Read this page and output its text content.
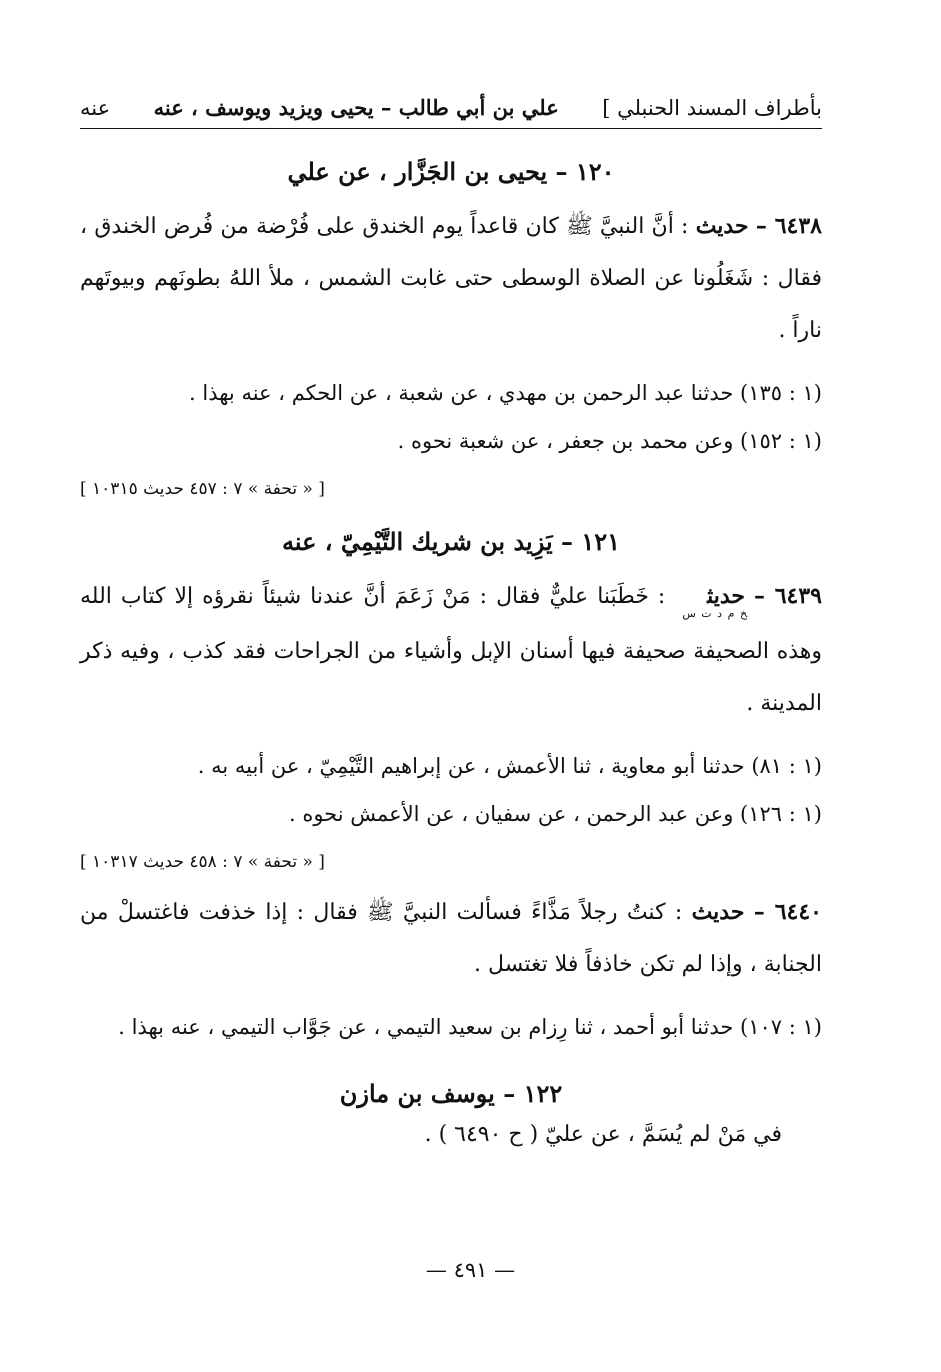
بأطراف المسند الحنبلي ]
علي بن أبي طالب – يحيى ويزيد ويوسف ، عنه
عنه
١٢٠ – يحيى بن الجَزَّار ، عن علي
٦٤٣٨ – حديث : أنَّ النبيَّ ﷺ كان قاعداً يوم الخندق على فُرْضة من فُرض الخندق ، فقال : شَغَلُونا عن الصلاة الوسطى حتى غابت الشمس ، ملأ اللهُ بطونَهم وبيوتَهم ناراً .
(١ : ١٣٥) حدثنا عبد الرحمن بن مهدي ، عن شعبة ، عن الحكم ، عنه بهذا .
(١ : ١٥٢) وعن محمد بن جعفر ، عن شعبة نحوه .
[ « تحفة » ٧ : ٤٥٧ حديث ١٠٣١٥ ]
١٢١ – يَزِيد بن شريك التَّيْمِيّ ، عنه
٦٤٣٩ – حديث$_{خ م د ت س}$ : خَطَبَنا عليٌّ فقال : مَنْ زَعَمَ أنَّ عندنا شيئاً نقرؤه إلا كتاب الله وهذه الصحيفة صحيفة فيها أسنان الإبل وأشياء من الجراحات فقد كذب ، وفيه ذكر المدينة .
(١ : ٨١) حدثنا أبو معاوية ، ثنا الأعمش ، عن إبراهيم التَّيْمِيّ ، عن أبيه به .
(١ : ١٢٦) وعن عبد الرحمن ، عن سفيان ، عن الأعمش نحوه .
[ « تحفة » ٧ : ٤٥٨ حديث ١٠٣١٧ ]
٦٤٤٠ – حديث : كنتُ رجلاً مَذَّاءً فسألت النبيَّ ﷺ فقال : إذا خذفت فاغتسلْ من الجنابة ، وإذا لم تكن خاذفاً فلا تغتسل .
(١ : ١٠٧) حدثنا أبو أحمد ، ثنا رِزام بن سعيد التيمي ، عن جَوَّاب التيمي ، عنه بهذا .
١٢٢ – يوسف بن مازن
في مَنْ لم يُسَمَّ ، عن عليّ ( ح ٦٤٩٠ ) .
— ٤٩١ —
